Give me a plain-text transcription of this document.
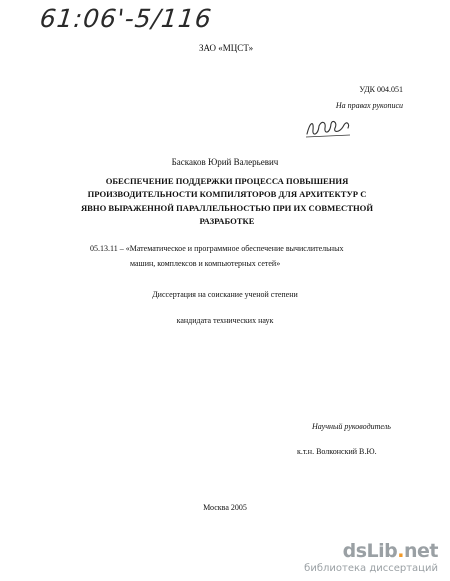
61:06'-5/116
ЗАО «МЦСТ»
УДК 004.051
На правах рукописи
Баскаков Юрий Валерьевич
ОБЕСПЕЧЕНИЕ ПОДДЕРЖКИ ПРОЦЕССА ПОВЫШЕНИЯ
ПРОИЗВОДИТЕЛЬНОСТИ КОМПИЛЯТОРОВ ДЛЯ АРХИТЕКТУР С
ЯВНО ВЫРАЖЕННОЙ ПАРАЛЛЕЛЬНОСТЬЮ ПРИ ИХ СОВМЕСТНОЙ
РАЗРАБОТКЕ
05.13.11 – «Математическое и программное обеспечение вычислительных
машин, комплексов и компьютерных сетей»
Диссертация на соискание ученой степени
кандидата технических наук
Научный руководитель
к.т.н. Волконский В.Ю.
Москва 2005
dsLib.net
библиотека диссертаций
